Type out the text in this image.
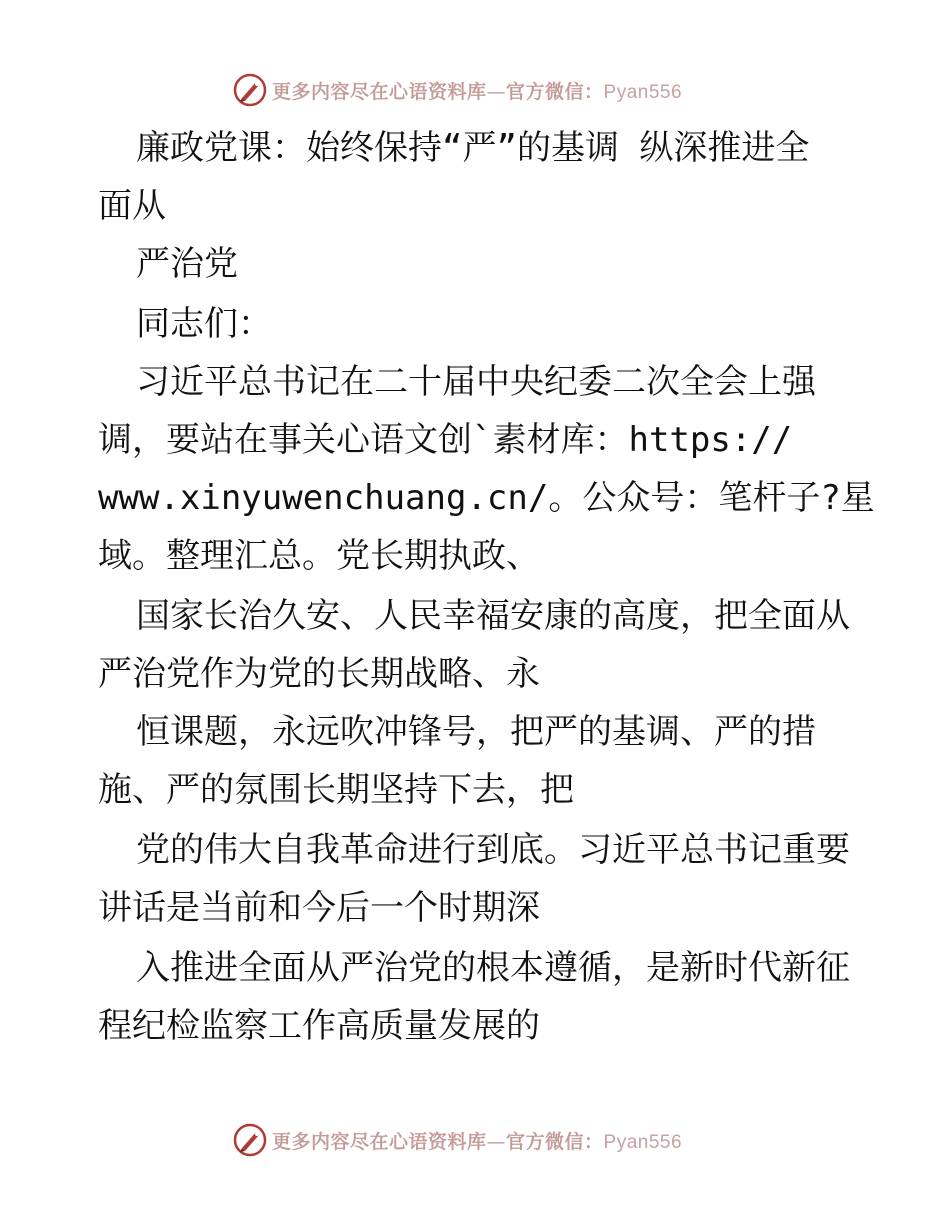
更多内容尽在心语资料库—官方微信：Pyan556
廉政党课：始终保持“严”的基调 纵深推进全
面从
严治党
同志们：
习近平总书记在二十届中央纪委二次全会上强
调，要站在事关心语文创`素材库：https://
www.xinyuwenchuang.cn/。公众号：笔杆子?星
域。整理汇总。党长期执政、
国家长治久安、人民幸福安康的高度，把全面从
严治党作为党的长期战略、永
恒课题，永远吹冲锋号，把严的基调、严的措
施、严的氛围长期坚持下去，把
党的伟大自我革命进行到底。习近平总书记重要
讲话是当前和今后一个时期深
入推进全面从严治党的根本遵循，是新时代新征
程纪检监察工作高质量发展的
更多内容尽在心语资料库—官方微信：Pyan556
